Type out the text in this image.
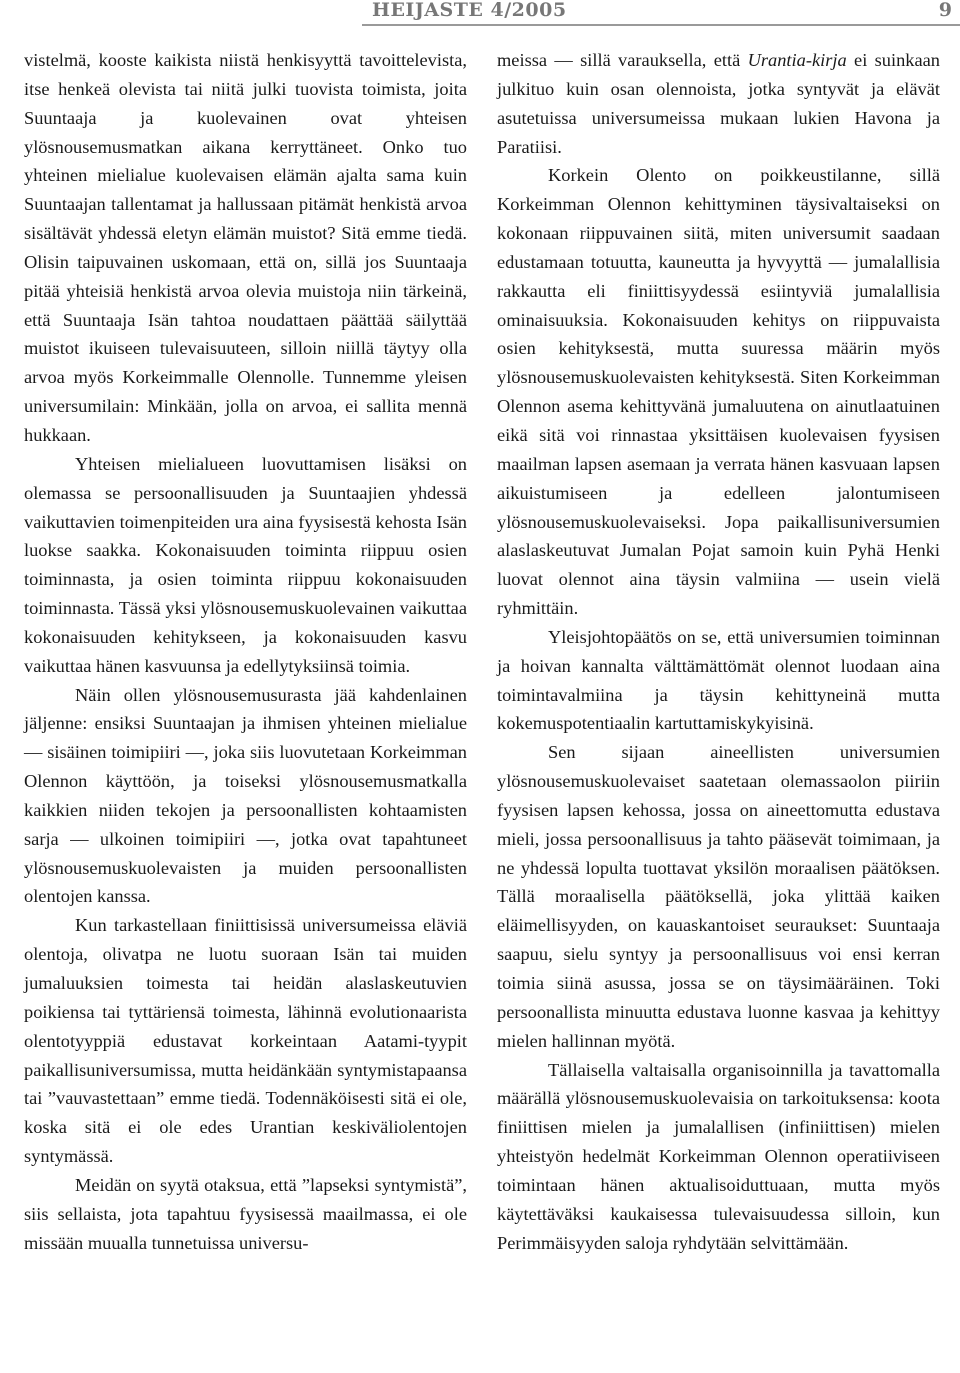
HEIJASTE 4/2005	9

vistelmä, kooste kaikista niistä henkisyyttä tavoittelevista, itse henkeä olevista tai niitä julki tuovista toimista, joita Suuntaaja ja kuolevainen ovat yhteisen ylösnousemusmatkan aikana kerryttäneet. Onko tuo yhteinen mielialue kuolevaisen elämän ajalta sama kuin Suuntaajan tallentamat ja hallussaan pitämät henkistä arvoa sisältävät yhdessä eletyn elämän muistot? Sitä emme tiedä. Olisin taipuvainen uskomaan, että on, sillä jos Suuntaaja pitää yhteisiä henkistä arvoa olevia muistoja niin tärkeinä, että Suuntaaja Isän tahtoa noudattaen päättää säilyttää muistot ikuiseen tulevaisuuteen, silloin niillä täytyy olla arvoa myös Korkeimmalle Olennolle. Tunnemme yleisen universumilain: Minkään, jolla on arvoa, ei sallita mennä hukkaan.

Yhteisen mielialueen luovuttamisen lisäksi on olemassa se persoonallisuuden ja Suuntaajien yhdessä vaikuttavien toimenpiteiden ura aina fyysisestä kehosta Isän luokse saakka. Kokonaisuuden toiminta riippuu osien toiminnasta, ja osien toiminta riippuu kokonaisuuden toiminnasta. Tässä yksi ylösnousemuskuolevainen vaikuttaa kokonaisuuden kehitykseen, ja kokonaisuuden kasvu vaikuttaa hänen kasvuunsa ja edellytyksiinsä toimia.

Näin ollen ylösnousemusurasta jää kahdenlainen jäljenne: ensiksi Suuntaajan ja ihmisen yhteinen mielialue — sisäinen toimipiiri —, joka siis luovutetaan Korkeimman Olennon käyttöön, ja toiseksi ylösnousemusmatkalla kaikkien niiden tekojen ja persoonallisten kohtaamisten sarja — ulkoinen toimipiiri —, jotka ovat tapahtuneet ylösnousemuskuolevaisten ja muiden persoonallisten olentojen kanssa.

Kun tarkastellaan finiittisissä universumeissa eläviä olentoja, olivatpa ne luotu suoraan Isän tai muiden jumaluuksien toimesta tai heidän alaslaskeutuvien poikiensa tai tyttäriensä toimesta, lähinnä evolutionaarista olentotyyppiä edustavat korkeintaan Aatami-tyypit paikallisuniversumissa, mutta heidänkään syntymistapaansa tai ”vauvastettaan” emme tiedä. Todennäköisesti sitä ei ole, koska sitä ei ole edes Urantian keskiväliolentojen syntymässä.

Meidän on syytä otaksua, että ”lapseksi syntymistä”, siis sellaista, jota tapahtuu fyysisessä maailmassa, ei ole missään muualla tunnetuissa universu-

meissa — sillä varauksella, että Urantia-kirja ei suinkaan julkituo kuin osan olennoista, jotka syntyvät ja elävät asutetuissa universumeissa mukaan lukien Havona ja Paratiisi.

Korkein Olento on poikkeustilanne, sillä Korkeimman Olennon kehittyminen täysivaltaiseksi on kokonaan riippuvainen siitä, miten universumit saadaan edustamaan totuutta, kauneutta ja hyvyyttä — jumalallisia rakkautta eli finiittisyydessä esiintyviä jumalallisia ominaisuuksia. Kokonaisuuden kehitys on riippuvaista osien kehityksestä, mutta suuressa määrin myös ylösnousemuskuolevaisten kehityksestä. Siten Korkeimman Olennon asema kehittyvänä jumaluutena on ainutlaatuinen eikä sitä voi rinnastaa yksittäisen kuolevaisen fyysisen maailman lapsen asemaan ja verrata hänen kasvuaan lapsen aikuistumiseen ja edelleen jalontumiseen ylösnousemuskuolevaiseksi. Jopa paikallisuniversumien alaslaskeutuvat Jumalan Pojat samoin kuin Pyhä Henki luovat olennot aina täysin valmiina — usein vielä ryhmittäin.

Yleisjohtopäätös on se, että universumien toiminnan ja hoivan kannalta välttämättömät olennot luodaan aina toimintavalmiina ja täysin kehittyneinä mutta kokemuspotentiaalin kartuttamiskykyisinä.

Sen sijaan aineellisten universumien ylösnousemuskuolevaiset saatetaan olemassaolon piiriin fyysisen lapsen kehossa, jossa on aineettomutta edustava mieli, jossa persoonallisuus ja tahto pääsevät toimimaan, ja ne yhdessä lopulta tuottavat yksilön moraalisen päätöksen. Tällä moraalisella päätöksellä, joka ylittää kaiken eläimellisyyden, on kauaskantoiset seuraukset: Suuntaaja saapuu, sielu syntyy ja persoonallisuus voi ensi kerran toimia siinä asussa, jossa se on täysimääräinen. Toki persoonallista minuutta edustava luonne kasvaa ja kehittyy mielen hallinnan myötä.

Tällaisella valtaisalla organisoinnilla ja tavattomalla määrällä ylösnousemuskuolevaisia on tarkoituksensa: koota finiittisen mielen ja jumalallisen (infiniittisen) mielen yhteistyön hedelmät Korkeimman Olennon operatiiviseen toimintaan hänen aktualisoiduttuaan, mutta myös käytettäväksi kaukaisessa tulevaisuudessa silloin, kun Perimmäisyyden saloja ryhdytään selvittämään.
